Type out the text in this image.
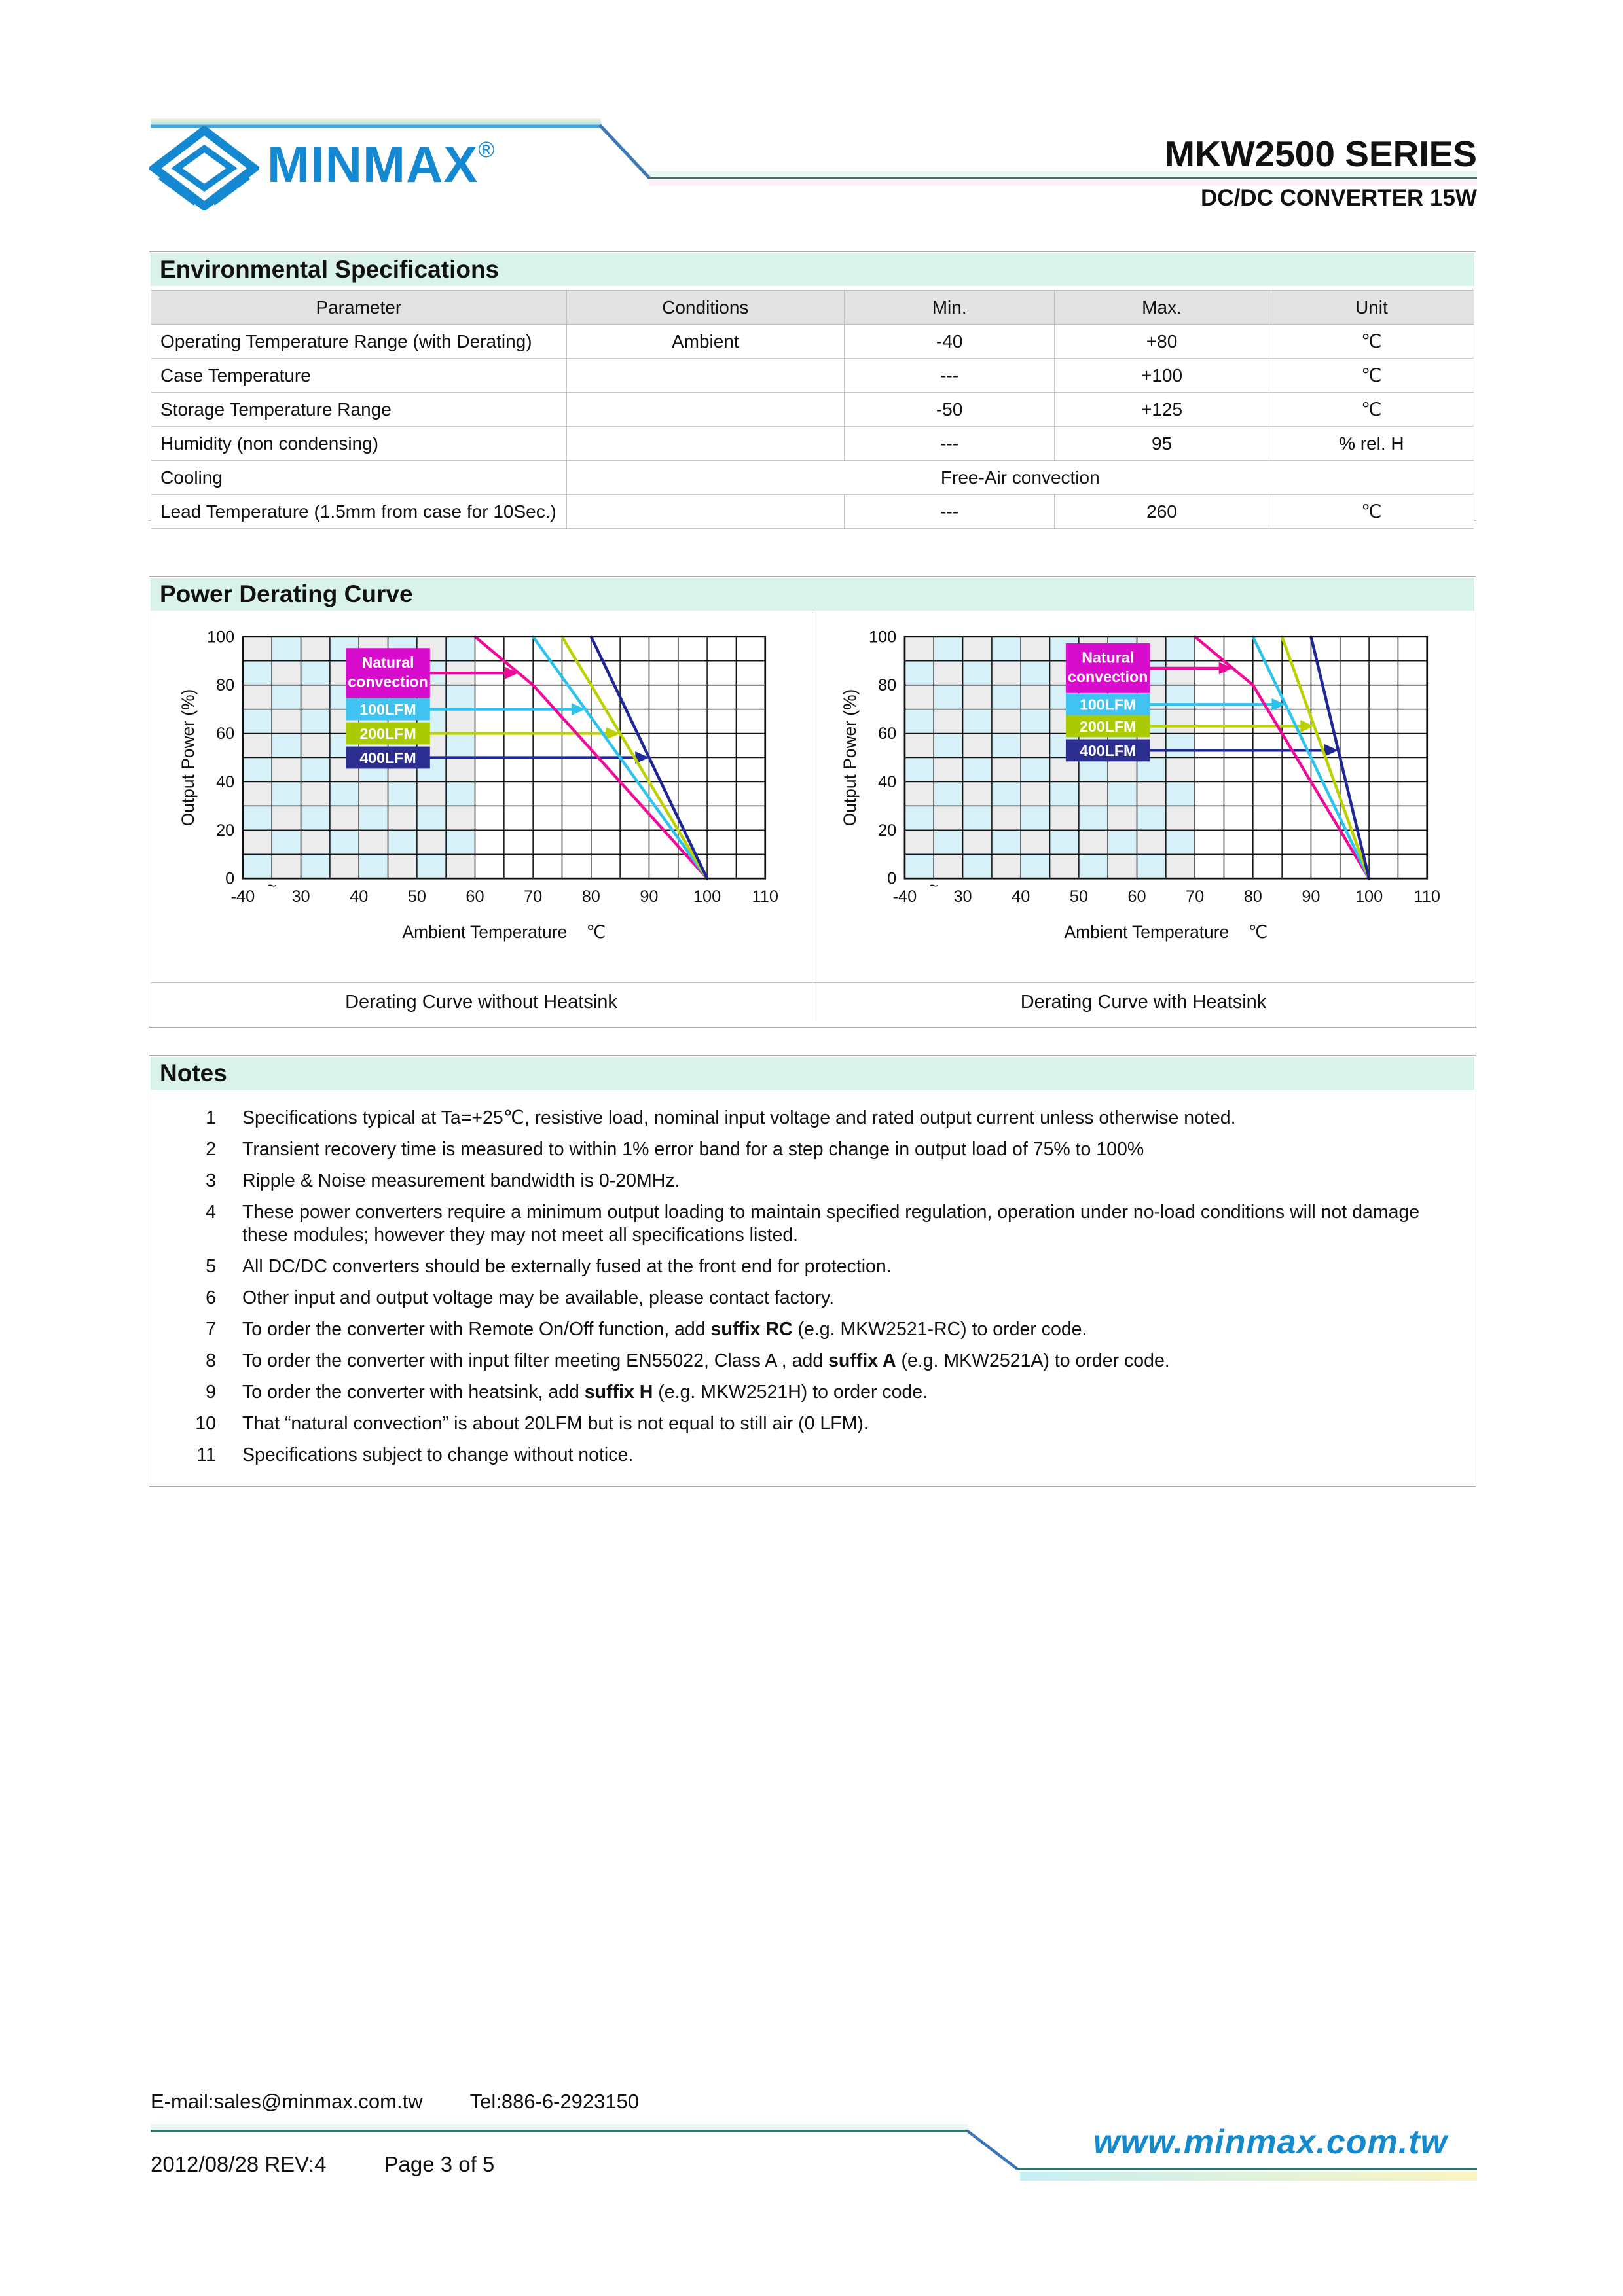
MINMAX®	MKW2500 SERIES
DC/DC CONVERTER 15W
Environmental Specifications
Parameter	Conditions	Min.	Max.	Unit
Operating Temperature Range (with Derating)	Ambient	-40	+80	℃
Case Temperature		---	+100	℃
Storage Temperature Range		-50	+125	℃
Humidity (non condensing)		---	95	% rel. H
Cooling	Free-Air convection			
Lead Temperature (1.5mm from case for 10Sec.)		---	260	℃
Power Derating Curve
Natural
convection
100LFM
200LFM
400LFM
-40 30	40	50	60	70	80	90 100 110
~
0
20
40
60
80
100
Ambient Temperature    ℃
Output Power (%)
Natural
convection
100LFM
200LFM
400LFM
-40 30	40	50	60	70	80	90 100 110
~
0
20
40
60
80
100
Ambient Temperature    ℃
Output Power (%)
Derating Curve without Heatsink	Derating Curve with Heatsink
Notes
1 Specifications typical at Ta=+25℃, resistive load, nominal input voltage and rated output current unless otherwise noted.
2 Transient recovery time is measured to within 1% error band for a step change in output load of 75% to 100%
3 Ripple & Noise measurement bandwidth is 0-20MHz.
4 These power converters require a minimum output loading to maintain specified regulation, operation under no-load conditions will not damage these modules; however they may not meet all specifications listed.
5 All DC/DC converters should be externally fused at the front end for protection.
6 Other input and output voltage may be available, please contact factory.
7 To order the converter with Remote On/Off function, add suffix RC (e.g. MKW2521-RC) to order code.
8 To order the converter with input filter meeting EN55022, Class A , add suffix A (e.g. MKW2521A) to order code.
9 To order the converter with heatsink, add suffix H (e.g. MKW2521H) to order code.
10 That “natural convection” is about 20LFM but is not equal to still air (0 LFM).
11 Specifications subject to change without notice.
E-mail:sales@minmax.com.tw Tel:886-6-2923150
2012/08/28 REV:4	Page 3 of 5
www.minmax.com.tw
